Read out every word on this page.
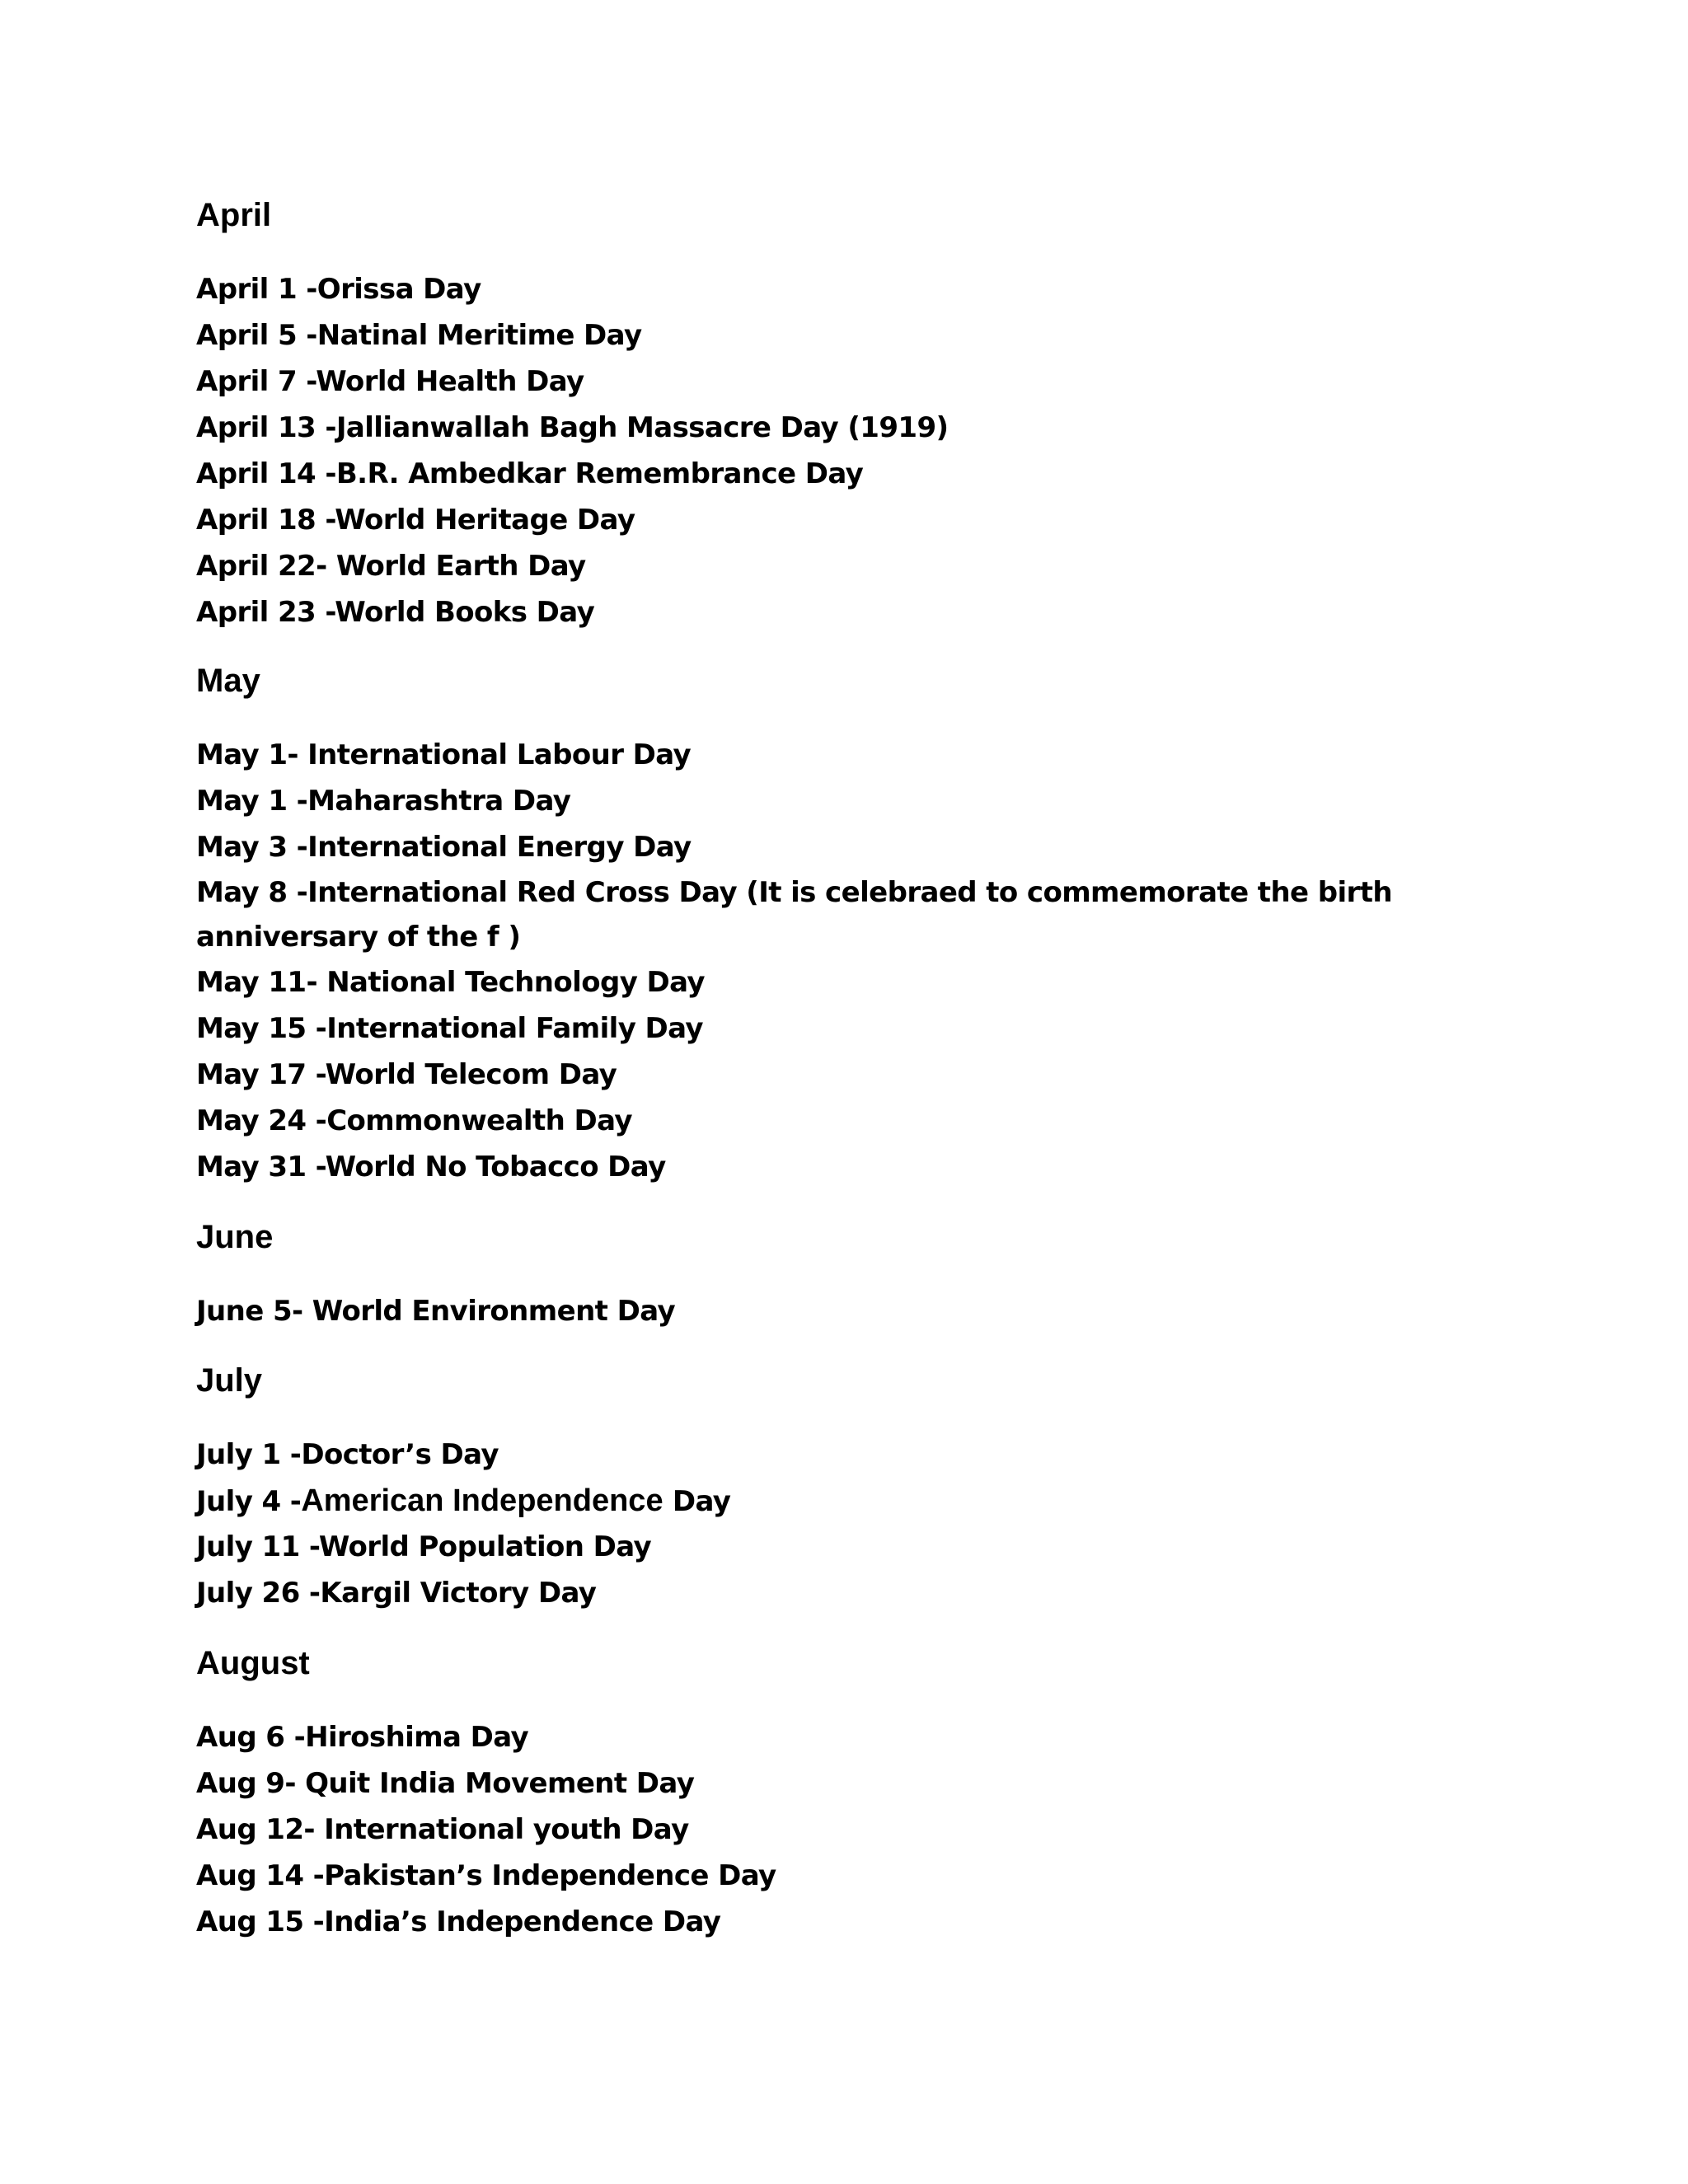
April
April 1 -Orissa Day
April 5 -Natinal Meritime Day
April 7 -World Health Day
April 13 -Jallianwallah Bagh Massacre Day (1919)
April 14 -B.R. Ambedkar Remembrance Day
April 18 -World Heritage Day
April 22- World Earth Day
April 23 -World Books Day
May
May 1- International Labour Day
May 1 -Maharashtra Day
May 3 -International Energy Day
May 8 -International Red Cross Day (It is celebraed to commemorate the birth anniversary of the f )
May 11- National Technology Day
May 15 -International Family Day
May 17 -World Telecom Day
May 24 -Commonwealth Day
May 31 -World No Tobacco Day
June
June 5- World Environment Day
July
July 1 -Doctor’s Day
July 4 -American Independence Day
July 11 -World Population Day
July 26 -Kargil Victory Day
August
Aug 6 -Hiroshima Day
Aug 9- Quit India Movement Day
Aug 12- International youth Day
Aug 14 -Pakistan’s Independence Day
Aug 15 -India’s Independence Day
